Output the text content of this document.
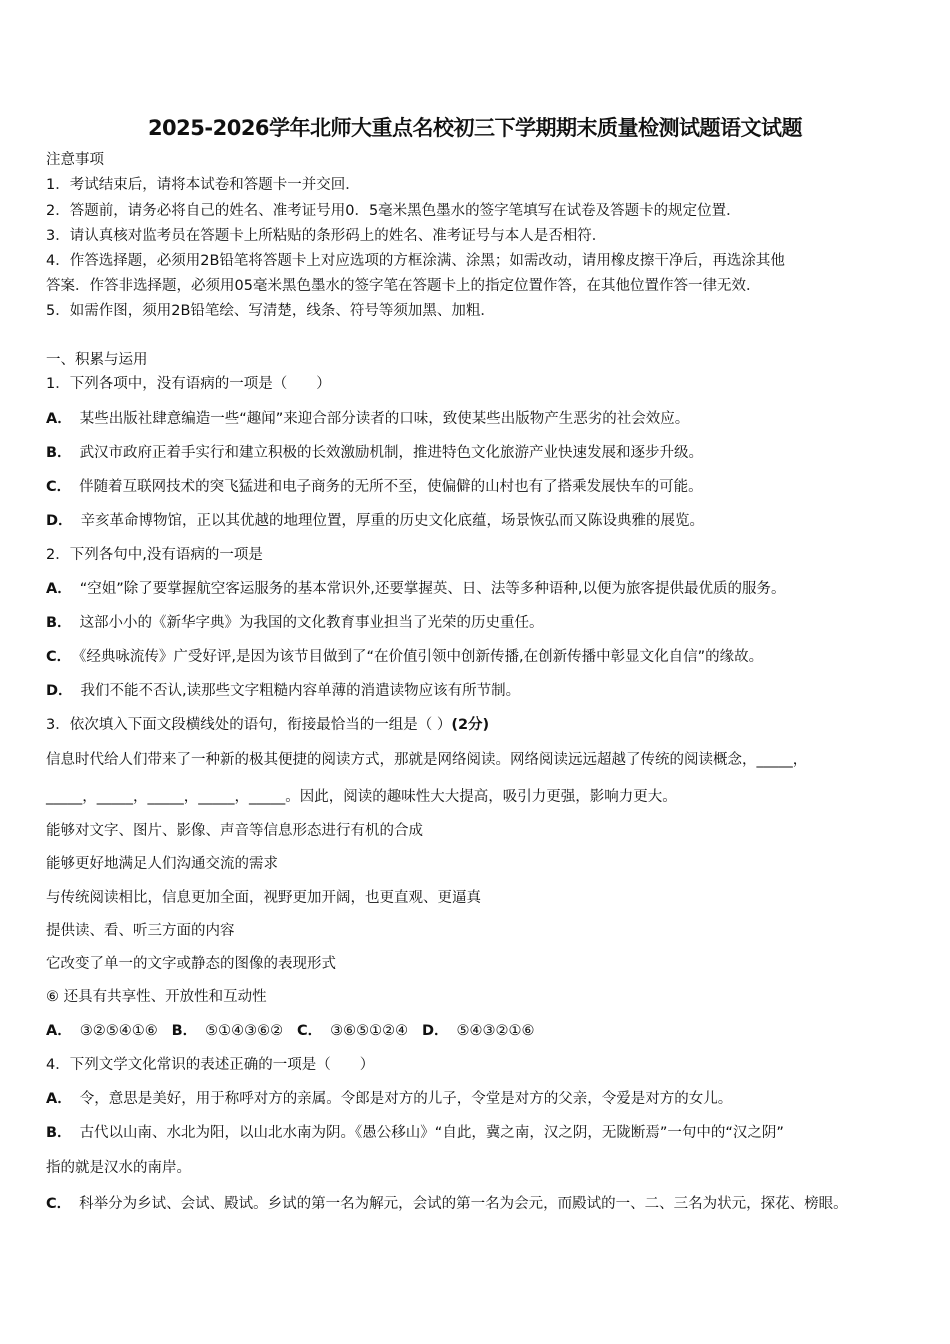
2025-2026学年北师大重点名校初三下学期期末质量检测试题语文试题
注意事项
1．考试结束后，请将本试卷和答题卡一并交回．
2．答题前，请务必将自己的姓名、准考证号用0．5毫米黑色墨水的签字笔填写在试卷及答题卡的规定位置．
3．请认真核对监考员在答题卡上所粘贴的条形码上的姓名、准考证号与本人是否相符．
4．作答选择题，必须用2B铅笔将答题卡上对应选项的方框涂满、涂黑；如需改动，请用橡皮擦干净后，再选涂其他
答案．作答非选择题，必须用05毫米黑色墨水的签字笔在答题卡上的指定位置作答，在其他位置作答一律无效．
5．如需作图，须用2B铅笔绘、写清楚，线条、符号等须加黑、加粗．
一、积累与运用
1．下列各项中，没有语病的一项是（　　）
A． 某些出版社肆意编造一些“趣闻”来迎合部分读者的口味，致使某些出版物产生恶劣的社会效应。
B． 武汉市政府正着手实行和建立积极的长效激励机制，推进特色文化旅游产业快速发展和逐步升级。
C． 伴随着互联网技术的突飞猛进和电子商务的无所不至，使偏僻的山村也有了搭乘发展快车的可能。
D． 辛亥革命博物馆，正以其优越的地理位置，厚重的历史文化底蕴，场景恢弘而又陈设典雅的展览。
2．下列各句中,没有语病的一项是
A． “空姐”除了要掌握航空客运服务的基本常识外,还要掌握英、日、法等多种语种,以便为旅客提供最优质的服务。
B． 这部小小的《新华字典》为我国的文化教育事业担当了光荣的历史重任。
C． 《经典咏流传》广受好评,是因为该节目做到了“在价值引领中创新传播,在创新传播中彰显文化自信”的缘故。
D． 我们不能不否认,读那些文字粗糙内容单薄的消遣读物应该有所节制。
3．依次填入下面文段横线处的语句，衔接最恰当的一组是（ ）(2分)
信息时代给人们带来了一种新的极其便捷的阅读方式，那就是网络阅读。网络阅读远远超越了传统的阅读概念，_____，
_____，_____，_____，_____，_____。因此，阅读的趣味性大大提高，吸引力更强，影响力更大。
能够对文字、图片、影像、声音等信息形态进行有机的合成
能够更好地满足人们沟通交流的需求
与传统阅读相比，信息更加全面，视野更加开阔，也更直观、更逼真
提供读、看、听三方面的内容
它改变了单一的文字或静态的图像的表现形式
⑥ 还具有共享性、开放性和互动性
A． ③②⑤④①⑥ B． ⑤①④③⑥② C． ③⑥⑤①②④ D． ⑤④③②①⑥
4．下列文学文化常识的表述正确的一项是（　　）
A． 令，意思是美好，用于称呼对方的亲属。令郎是对方的儿子，令堂是对方的父亲，令爱是对方的女儿。
B． 古代以山南、水北为阳，以山北水南为阴。《愚公移山》“自此，冀之南，汉之阴，无陇断焉”一句中的“汉之阴”
指的就是汉水的南岸。
C． 科举分为乡试、会试、殿试。乡试的第一名为解元，会试的第一名为会元，而殿试的一、二、三名为状元，探花、榜眼。
